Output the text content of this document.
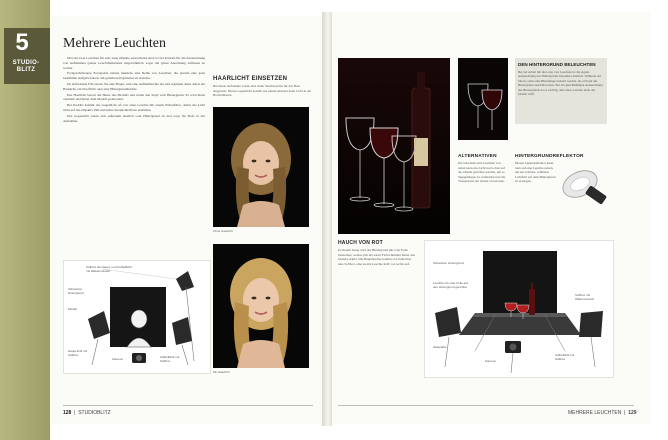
5
STUDIO-
BLITZ
Mehrere Leuchten

Obwohl zwei Leuchten für sehr viele Objekte ausreichend sind, ist bei Porträts für die Ausleuchtung von Aufnahmen ganzer Leuchtfunktionen ungewöhnlich, sogar die ganze Anordnung aufbauen zu wollen.

Fortgeschrittenere Fotografen nutzen meistens eine Reihe von Leuchten, die jeweils eine ganz bestimmte Aufgabe haben, um gezieltere Ergebnisse zu erzielen.

Im einfachsten Fall setzen Sie eine Haupt- und eine Aufhellleuchte ein und ergänzen diese durch ein Haarlicht, ein Streiflicht oder eine Hintergrundleuchte.

Das Haarlicht betont die Haare des Modells und trennt den Kopf vom Hintergrund. Es wird meist oberhalb und hinter dem Modell positioniert.

Bei Porträts kommt das Gegenlicht oft von einer Leuchte mit einem Wabenfilter, damit das Licht nicht auf das Objektiv fällt und keine Streulichtreflexe entstehen.

Das Gegenlicht trennt sich außerdem deutlich vom Hintergrund ab und sorgt für Tiefe in der Aufnahme.

HAARLICHT EINSETZEN
Bei dieser Aufnahme wurde eine dritte Studioleuchte für das Haar eingesetzt. Dieses Gegenlicht kommt aus einem Abstand kann Licht in der Hochbildseite.
Ohne Haarlicht
Mit Haarlicht
Softbox als Haupt- und Aufhelllicht mit Wabenvorsatz
Schwarzer Hintergrund
Modell
Kamera
Haupt-licht mit Softbox	Aufhelllicht mit Softbox
128  |  STUDIOBLITZ
DEN HINTERGRUND BELEUCHTEN
Bei der Arbeit mit drei oder vier Leuchten ist die eigene Ausleuchtung des Hintergrunds besonders nützlich. Während des Shoots sollte eine Blitzanlage benutzt werden, die sich gut am Hintergrund ausrichten lässt. Bei der gleichmäßigen Ausleuchtung des Hintergrunds ist es wichtig, dass diese Leuchte nicht das Modell trifft.
ALTERNATIVEN
Im Glasstudio mit Leuchten von unten kann das Licht nach oben auf das Objekt gerichtet werden, um so Spiegelungen zu vermeiden und die Transparenz der Gläser zu betonen.
HINTERGRUNDREFLEKTOR
Diesen Spezialreflektor kann man auf eine Leuchte setzen, um ein schönes, schmales Lichtfeld auf dem Hintergrund zu erzeugen.
HAUCH VON ROT
In diesem Setup wird der Hintergrund mit roter Folie beleuchtet, sodass sich ein zarter Farbschimmer hinter den Gläsern ergibt. Die Hauptleuchte kommt von links über eine Softbox, eine zweite Leuchte hellt von rechts auf.	Schwarzer Hintergrund
Leuchte mit roter Folie auf den Hintergrund gerichtet
Softbox mit Wabenvorsatz
Kamera
Aufhelllicht mit Softbox
Glasplatte
MEHRERE LEUCHTEN  |  129
